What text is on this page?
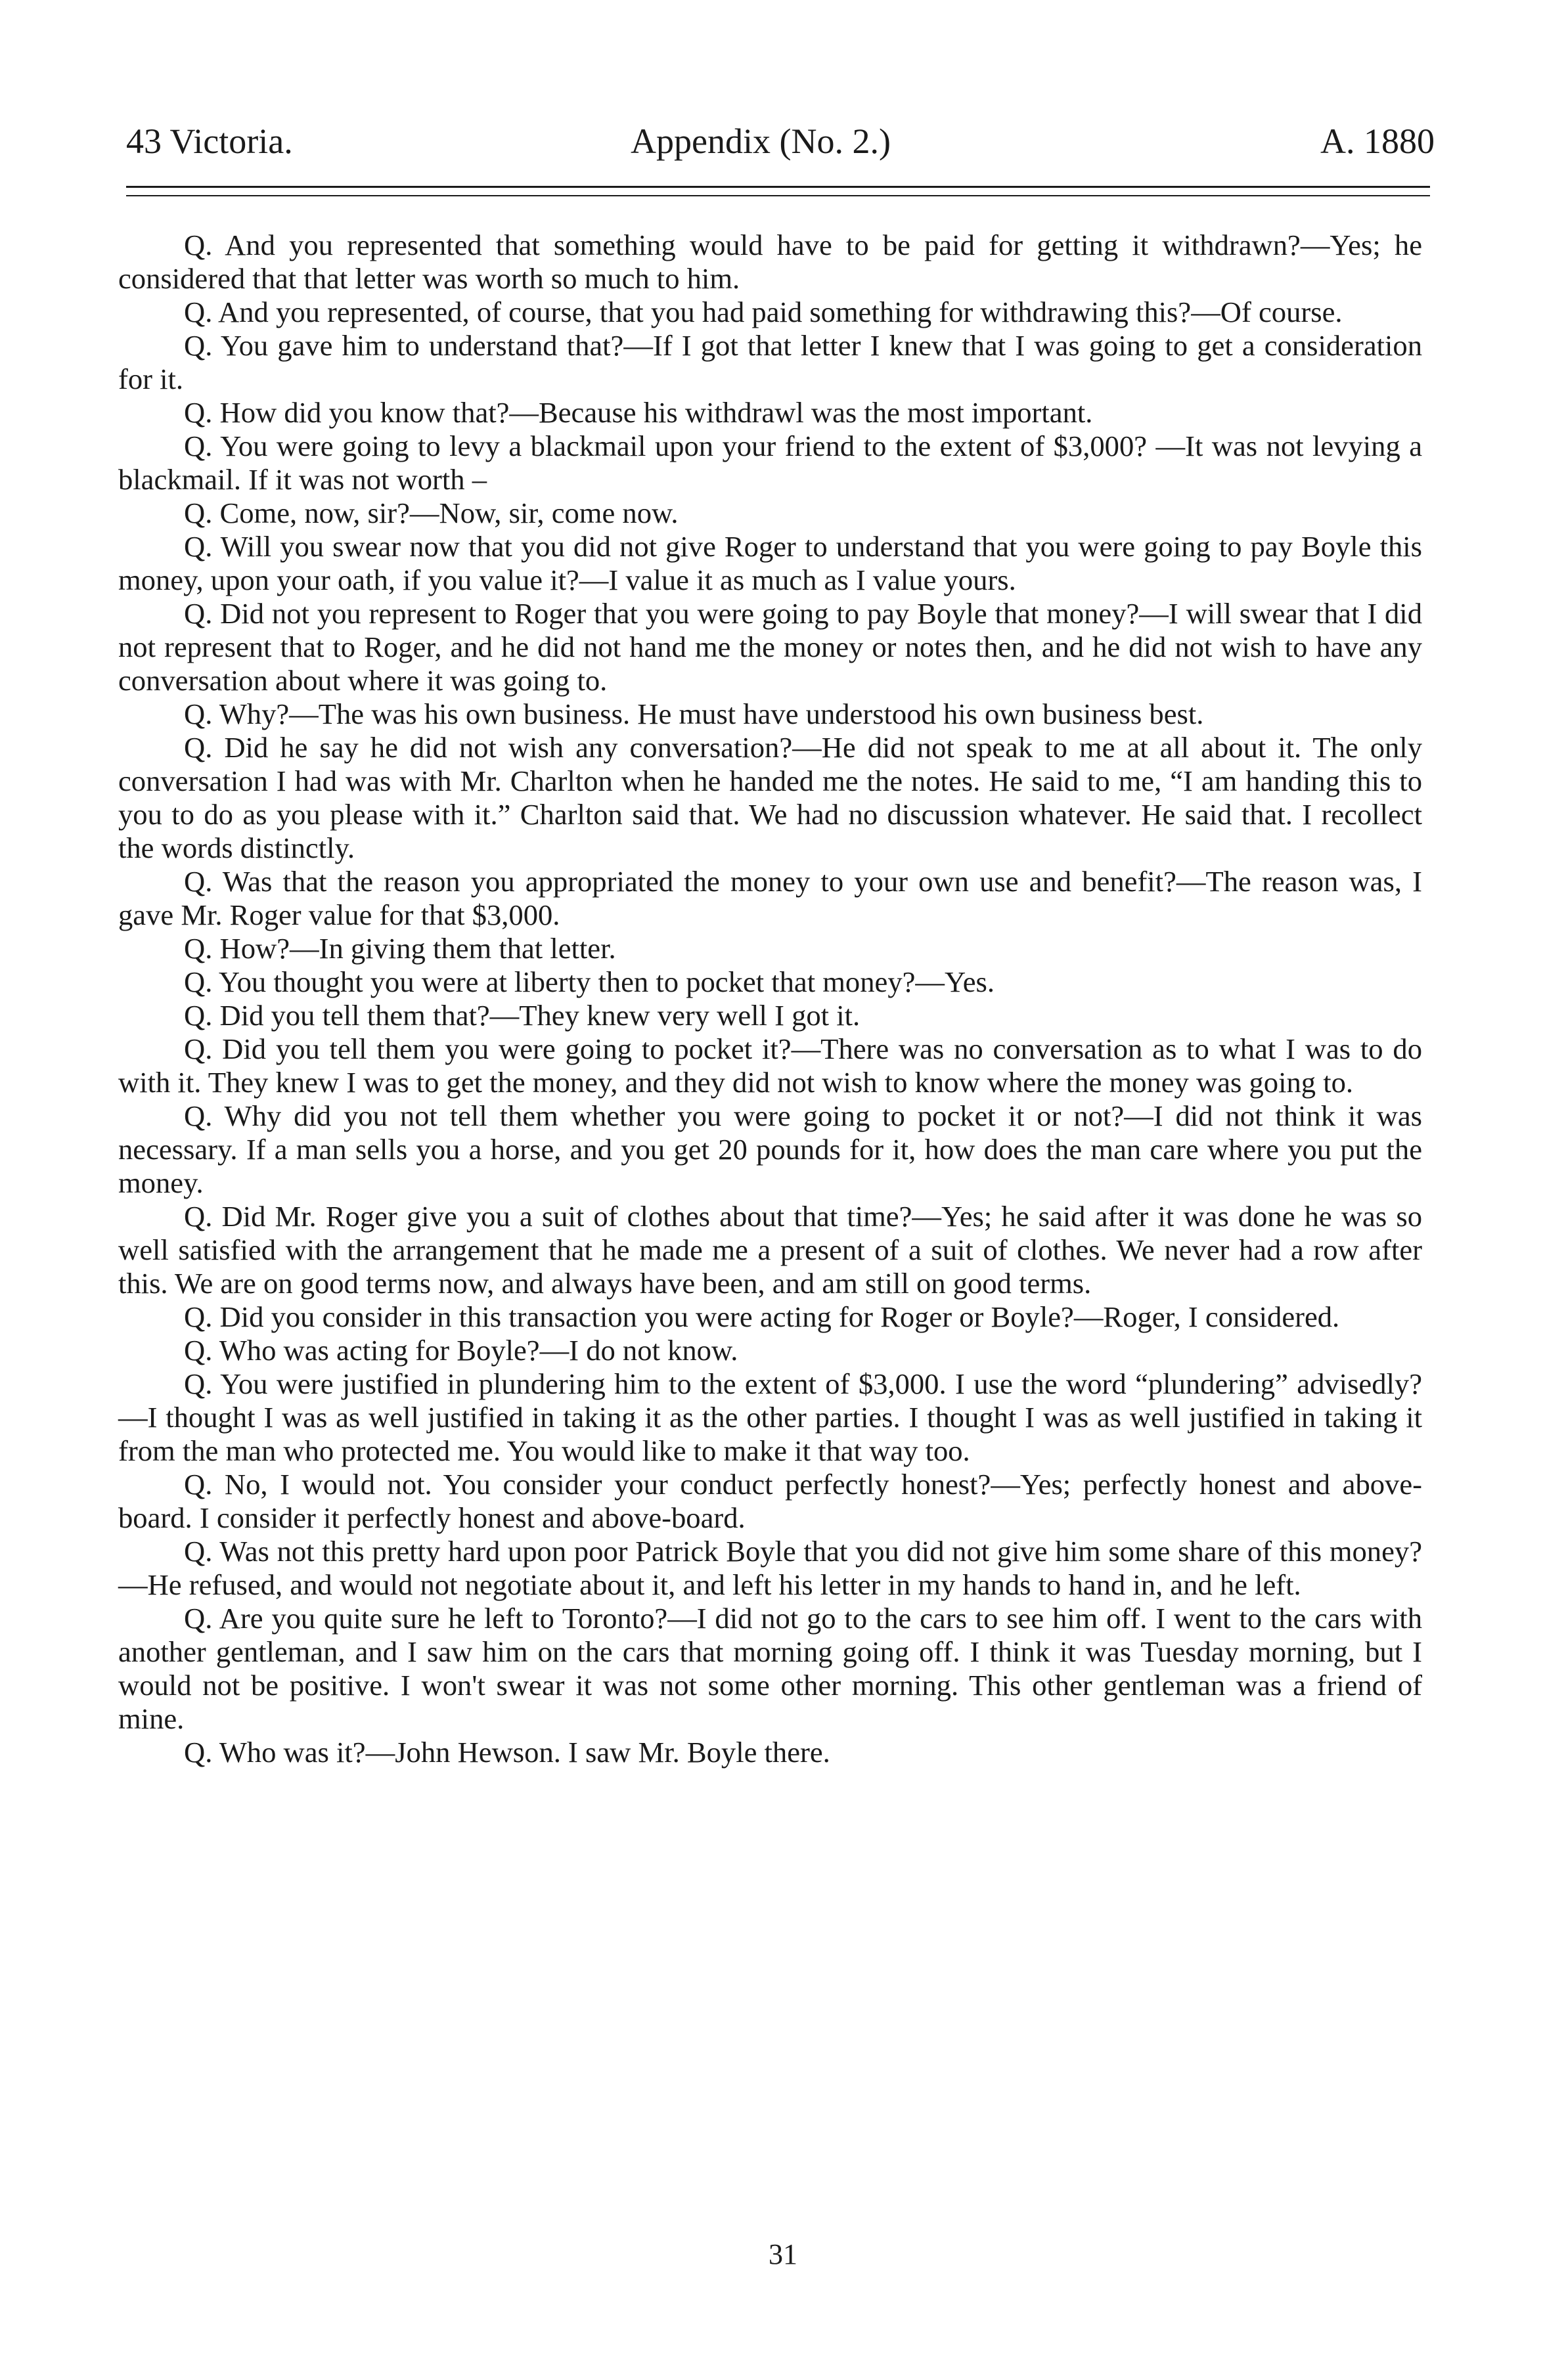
43 Victoria.	Appendix (No. 2.)	A. 1880

Q. And you represented that something would have to be paid for getting it withdrawn?—Yes; he considered that that letter was worth so much to him.

Q. And you represented, of course, that you had paid something for withdrawing this?—Of course.

Q. You gave him to understand that?—If I got that letter I knew that I was going to get a consideration for it.

Q. How did you know that?—Because his withdrawl was the most important.

Q. You were going to levy a blackmail upon your friend to the extent of $3,000? —It was not levying a blackmail. If it was not worth –

Q. Come, now, sir?—Now, sir, come now.

Q. Will you swear now that you did not give Roger to understand that you were going to pay Boyle this money, upon your oath, if you value it?—I value it as much as I value yours.

Q. Did not you represent to Roger that you were going to pay Boyle that money?—I will swear that I did not represent that to Roger, and he did not hand me the money or notes then, and he did not wish to have any conversation about where it was going to.

Q. Why?—The was his own business. He must have understood his own business best.

Q. Did he say he did not wish any conversation?—He did not speak to me at all about it. The only conversation I had was with Mr. Charlton when he handed me the notes. He said to me, “I am handing this to you to do as you please with it.” Charlton said that. We had no discussion whatever. He said that. I recollect the words distinctly.

Q. Was that the reason you appropriated the money to your own use and benefit?—The reason was, I gave Mr. Roger value for that $3,000.

Q. How?—In giving them that letter.

Q. You thought you were at liberty then to pocket that money?—Yes.

Q. Did you tell them that?—They knew very well I got it.

Q. Did you tell them you were going to pocket it?—There was no conversation as to what I was to do with it. They knew I was to get the money, and they did not wish to know where the money was going to.

Q. Why did you not tell them whether you were going to pocket it or not?—I did not think it was necessary. If a man sells you a horse, and you get 20 pounds for it, how does the man care where you put the money.

Q. Did Mr. Roger give you a suit of clothes about that time?—Yes; he said after it was done he was so well satisfied with the arrangement that he made me a present of a suit of clothes. We never had a row after this. We are on good terms now, and always have been, and am still on good terms.

Q. Did you consider in this transaction you were acting for Roger or Boyle?—Roger, I considered.

Q. Who was acting for Boyle?—I do not know.

Q. You were justified in plundering him to the extent of $3,000. I use the word “plundering” advisedly?—I thought I was as well justified in taking it as the other parties. I thought I was as well justified in taking it from the man who protected me. You would like to make it that way too.

Q. No, I would not. You consider your conduct perfectly honest?—Yes; perfectly honest and above-board. I consider it perfectly honest and above-board.

Q. Was not this pretty hard upon poor Patrick Boyle that you did not give him some share of this money?—He refused, and would not negotiate about it, and left his letter in my hands to hand in, and he left.

Q. Are you quite sure he left to Toronto?—I did not go to the cars to see him off. I went to the cars with another gentleman, and I saw him on the cars that morning going off. I think it was Tuesday morning, but I would not be positive. I won't swear it was not some other morning. This other gentleman was a friend of mine.

Q. Who was it?—John Hewson. I saw Mr. Boyle there.

31
